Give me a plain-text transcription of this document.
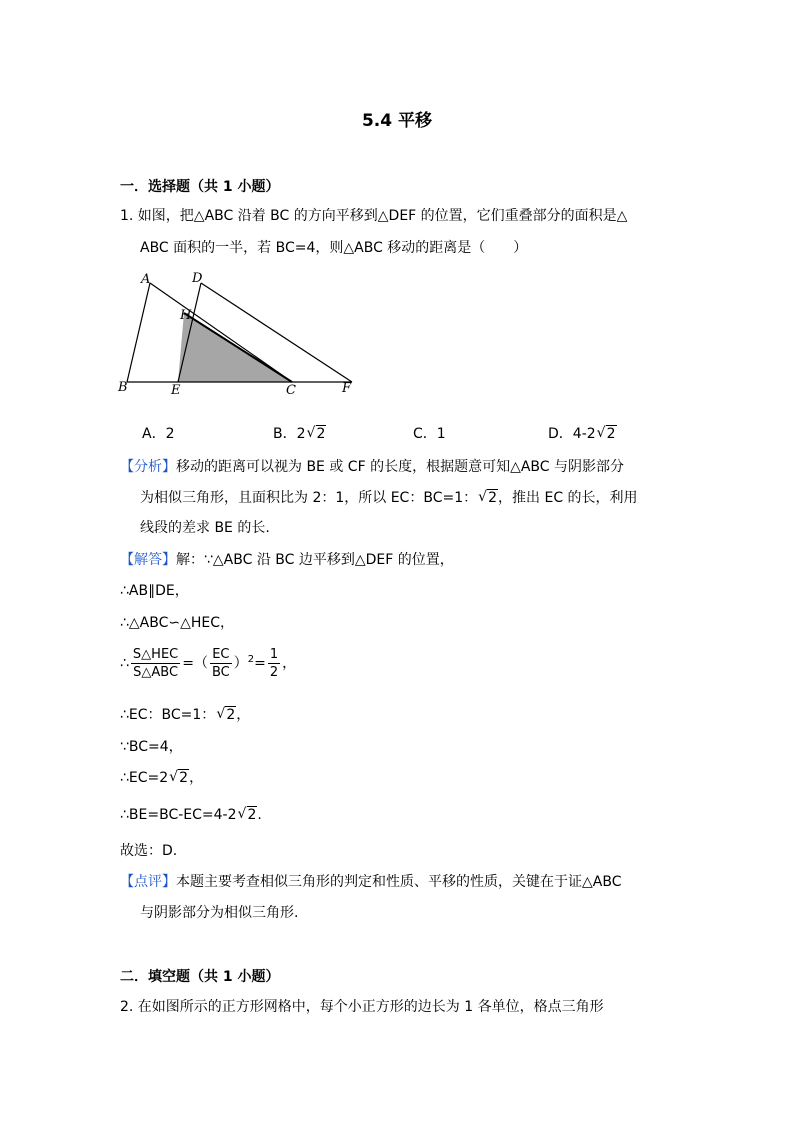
5.4 平移
一．选择题（共 1 小题）
1. 如图，把△ABC 沿着 BC 的方向平移到△DEF 的位置，它们重叠部分的面积是△
ABC 面积的一半，若 BC=4，则△ABC 移动的距离是（　　）
A	D
H
B	E	C	F
A．2	B．2 √ 2	C．1	D．4-2 √ 2
【分析】移动的距离可以视为 BE 或 CF 的长度，根据题意可知△ABC 与阴影部分
为相似三角形，且面积比为 2：1，所以 EC：BC=1： √ 2，推出 EC 的长，利用
线段的差求 BE 的长.
【解答】解：∵△ABC 沿 BC 边平移到△DEF 的位置，
∴AB∥DE，
∴△ABC∽△HEC，
∴ $\frac{\text{S△HEC}}{\text{S△ABC}}$ =（ $\frac{EC}{BC} )^2= \frac{1}{2}$ ，
∴EC：BC=1： √ 2，
∵BC=4，
∴EC=2 √ 2，
∴BE=BC-EC=4-2 √ 2.
故选：D.
【点评】本题主要考查相似三角形的判定和性质、平移的性质，关键在于证△ABC
与阴影部分为相似三角形.
二．填空题（共 1 小题）
2. 在如图所示的正方形网格中，每个小正方形的边长为 1 各单位，格点三角形
